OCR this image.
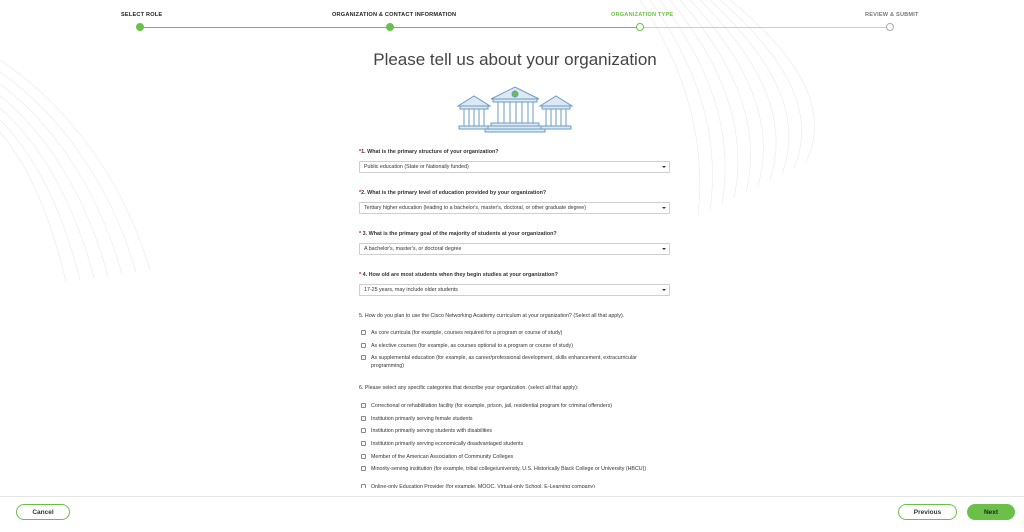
SELECT ROLE	ORGANIZATION & CONTACT INFORMATION	ORGANIZATION TYPE	REVIEW & SUBMIT
Please tell us about your organization
*1. What is the primary structure of your organization?
Public education (State or Nationally funded)
*2. What is the primary level of education provided by your organization?
Tertiary higher education (leading to a bachelor's, master's, doctoral, or other graduate degree)
* 3. What is the primary goal of the majority of students at your organization?
A bachelor's, master's, or doctoral degree
* 4. How old are most students when they begin studies at your organization?
17-25 years, may include older students
5. How do you plan to use the Cisco Networking Academy curriculum at your organization? (Select all that apply).
As core curricula (for example, courses required for a program or course of study)
As elective courses (for example, as courses optional to a program or course of study)
As supplemental education (for example, as career/professional development, skills enhancement, extracurricular programming)
6. Please select any specific categories that describe your organization. (select all that apply):
Correctional or rehabilitation facility (for example, prison, jail, residential program for criminal offenders)
Institution primarily serving female students
Institution primarily serving students with disabilities
Institution primarily serving economically disadvantaged students
Member of the American Association of Community Colleges
Minority-serving institution (for example, tribal college/university, U.S. Historically Black College or University (HBCU))
Online-only Education Provider (for example, MOOC, Virtual-only School, E-Learning company)
Cancel	Previous	Next
